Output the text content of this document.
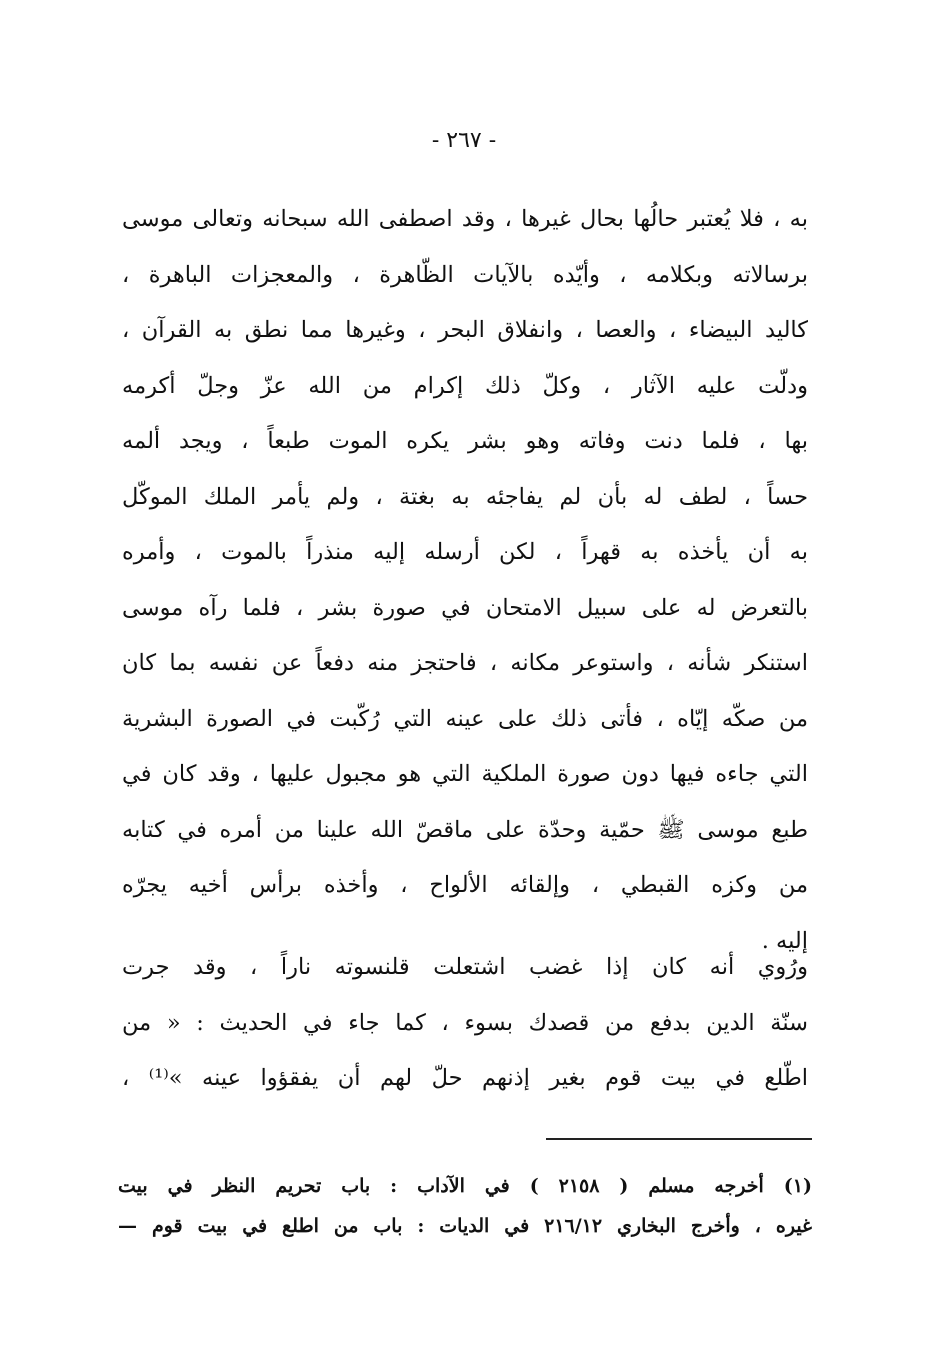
- ٢٦٧ -
به ، فلا يُعتبر حالُها بحال غيرها ، وقد اصطفى الله سبحانه وتعالى موسى
برسالاته وبكلامه ، وأيّده بالآيات الظّاهرة ، والمعجزات الباهرة ،
كاليد البيضاء ، والعصا ، وانفلاق البحر ، وغيرها مما نطق به القرآن ،
ودلّت عليه الآثار ، وكلّ ذلك إكرام من الله عزّ وجلّ أكرمه
بها ، فلما دنت وفاته وهو بشر يكره الموت طبعاً ، ويجد ألمه
حساً ، لطف له بأن لم يفاجئه به بغتة ، ولم يأمر الملك الموكّل
به أن يأخذه به قهراً ، لكن أرسله إليه منذراً بالموت ، وأمره
بالتعرض له على سبيل الامتحان في صورة بشر ، فلما رآه موسى
استنكر شأنه ، واستوعر مكانه ، فاحتجز منه دفعاً عن نفسه بما كان
من صكّه إيّاه ، فأتى ذلك على عينه التي رُكّبت في الصورة البشرية
التي جاءه فيها دون صورة الملكية التي هو مجبول عليها ، وقد كان في
طبع موسى ﷺ حمّية وحدّة على ماقصّ الله علينا من أمره في كتابه
من وكزه القبطي ، وإلقائه الألواح ، وأخذه برأس أخيه يجرّه
إليه .
ورُوي أنه كان إذا غضب اشتعلت قلنسوته ناراً ، وقد جرت
سنّة الدين بدفع من قصدك بسوء ، كما جاء في الحديث : « من
اطّلع في بيت قوم بغير إذنهم حلّ لهم أن يفقؤوا عينه »⁽¹⁾ ،
(١) أخرجه مسلم ( ٢١٥٨ ) في الآداب : باب تحريم النظر في بيت
غيره ، وأخرج البخاري ٢١٦/١٢ في الديات : باب من اطلع في بيت قوم —
